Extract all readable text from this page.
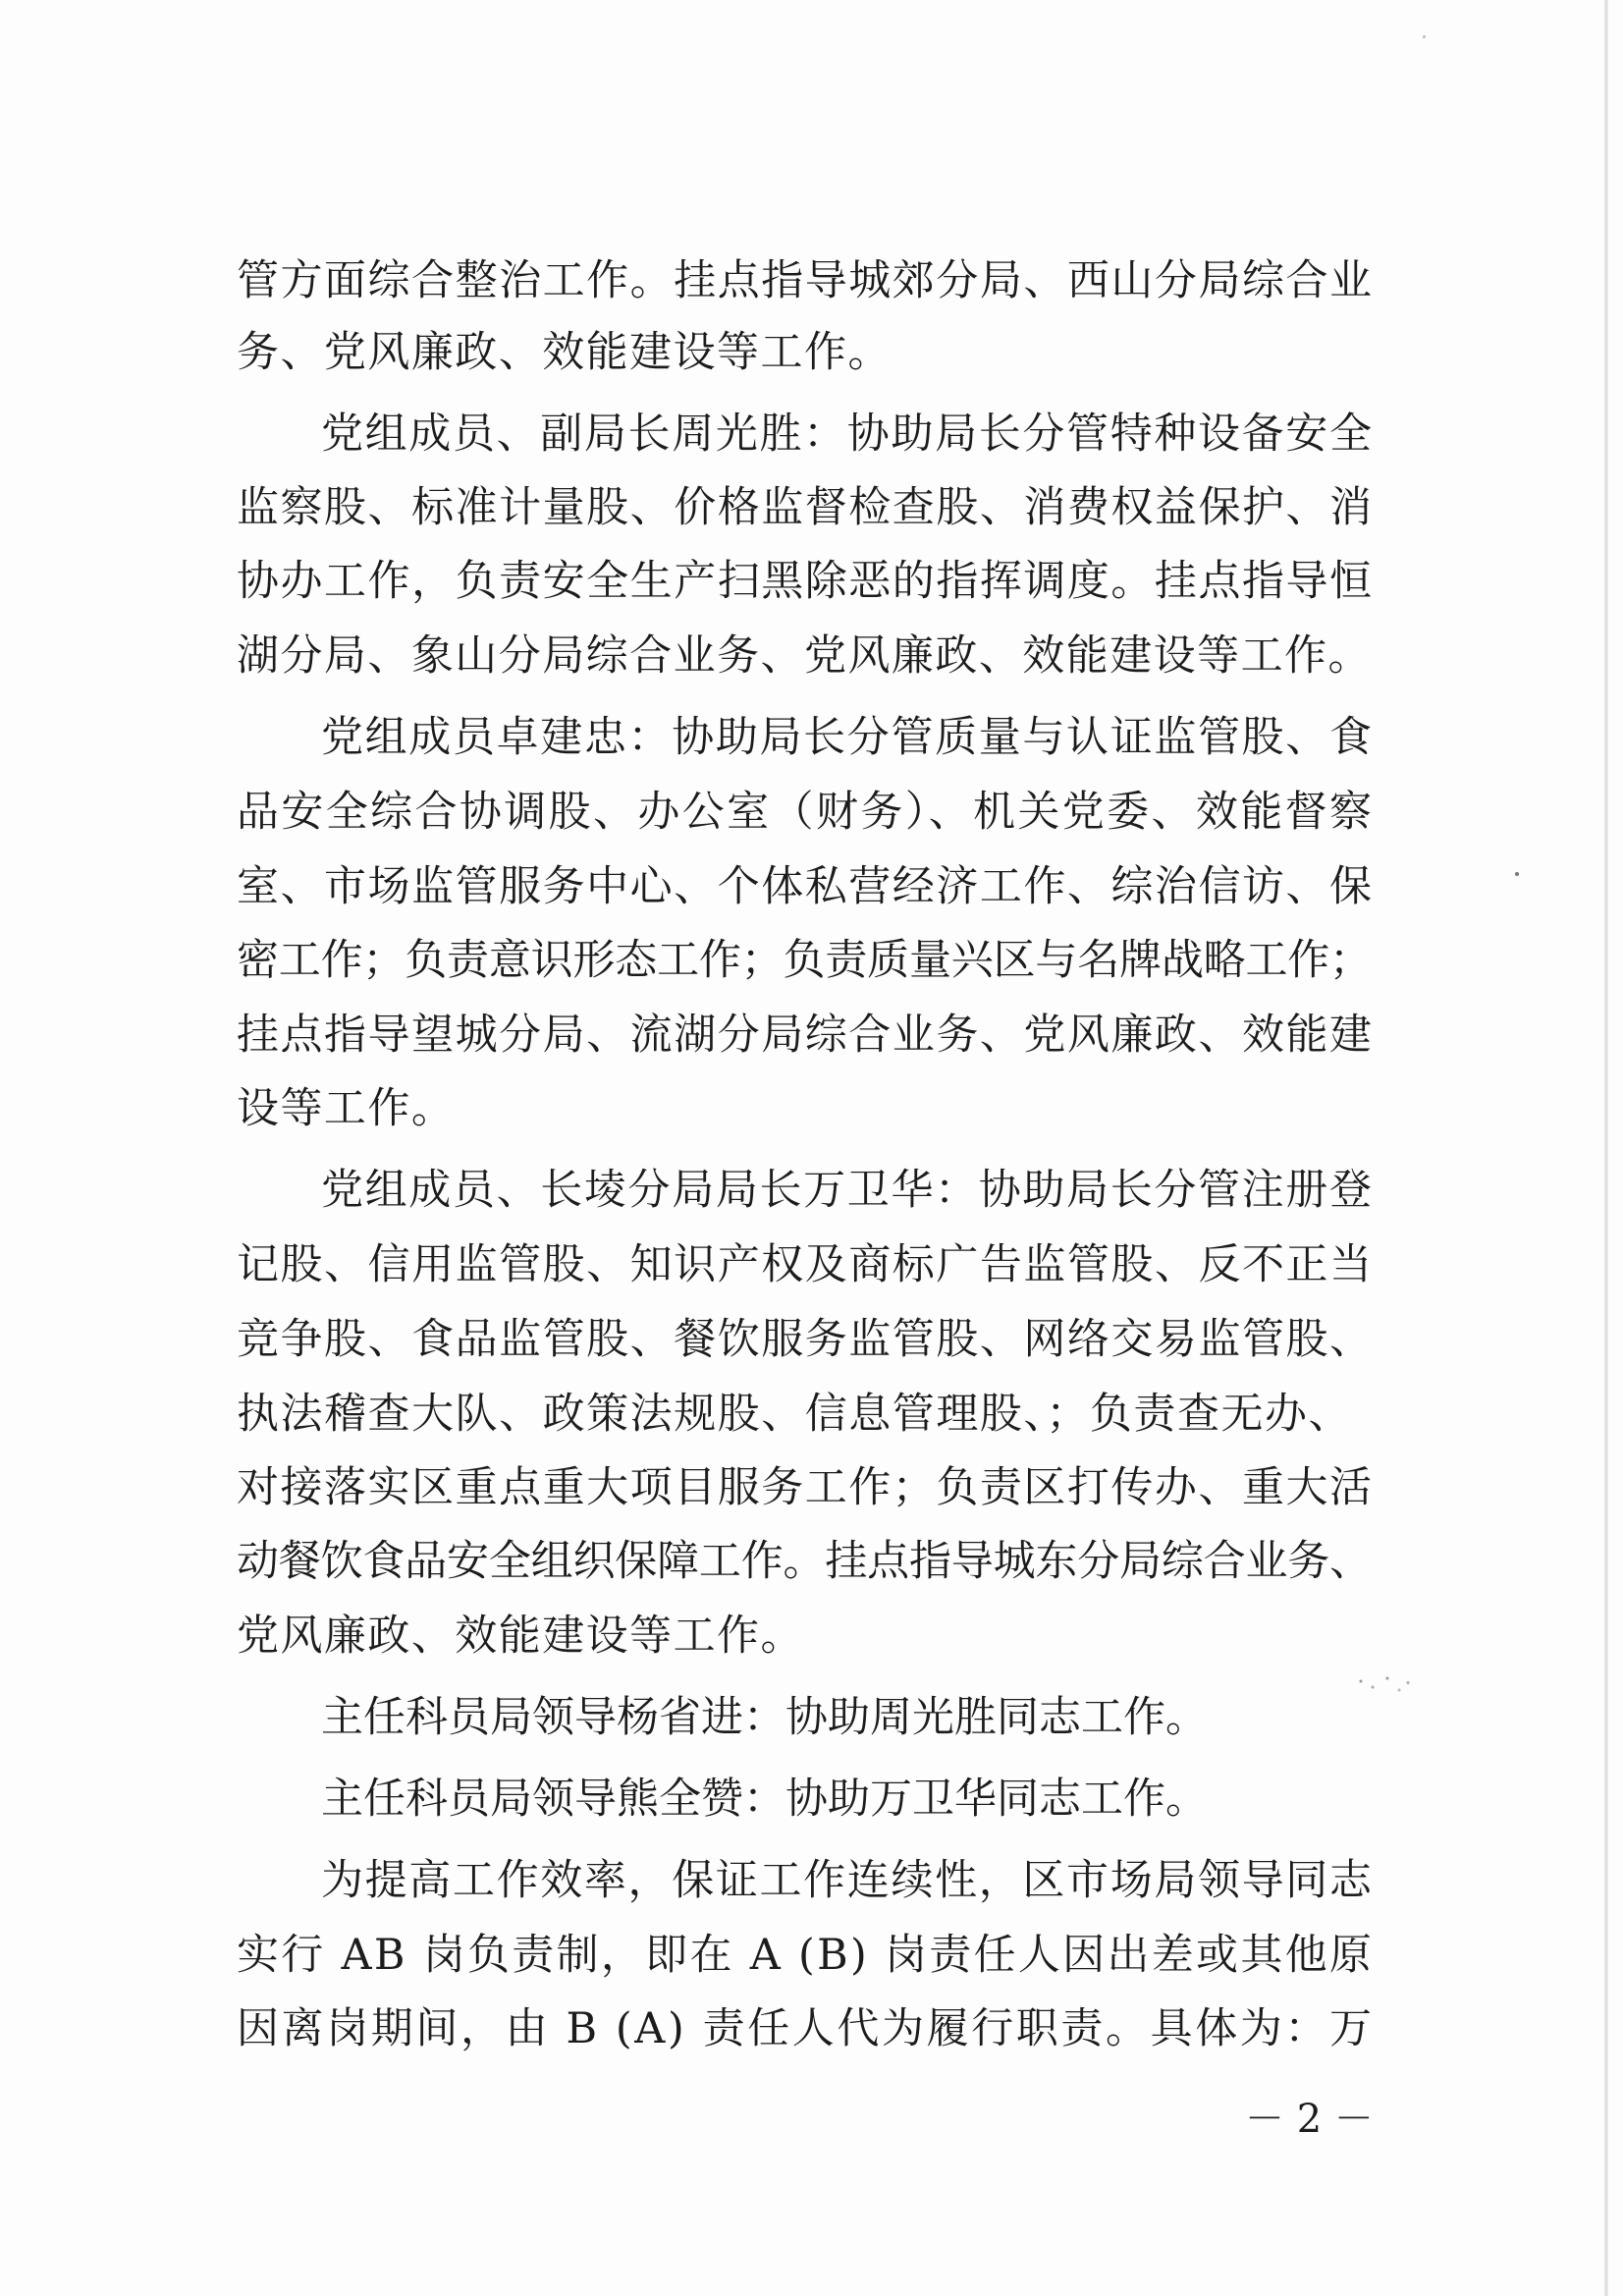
管方面综合整治工作。挂点指导城郊分局、西山分局综合业
务、党风廉政、效能建设等工作。
党组成员、副局长周光胜：协助局长分管特种设备安全
监察股、标准计量股、价格监督检查股、消费权益保护、消
协办工作，负责安全生产扫黑除恶的指挥调度。挂点指导恒
湖分局、象山分局综合业务、党风廉政、效能建设等工作。
党组成员卓建忠：协助局长分管质量与认证监管股、食
品安全综合协调股、办公室（财务）、机关党委、效能督察
室、市场监管服务中心、个体私营经济工作、综治信访、保
密工作；负责意识形态工作；负责质量兴区与名牌战略工作；
挂点指导望城分局、流湖分局综合业务、党风廉政、效能建
设等工作。
党组成员、长堎分局局长万卫华：协助局长分管注册登
记股、信用监管股、知识产权及商标广告监管股、反不正当
竞争股、食品监管股、餐饮服务监管股、网络交易监管股、
执法稽查大队、政策法规股、信息管理股、；负责查无办、
对接落实区重点重大项目服务工作；负责区打传办、重大活
动餐饮食品安全组织保障工作。挂点指导城东分局综合业务、
党风廉政、效能建设等工作。
主任科员局领导杨省进：协助周光胜同志工作。
主任科员局领导熊全赞：协助万卫华同志工作。
为提高工作效率，保证工作连续性，区市场局领导同志
实行 AB 岗负责制，即在 A (B) 岗责任人因出差或其他原
因离岗期间，由 B (A) 责任人代为履行职责。具体为：万
－ 2 －
